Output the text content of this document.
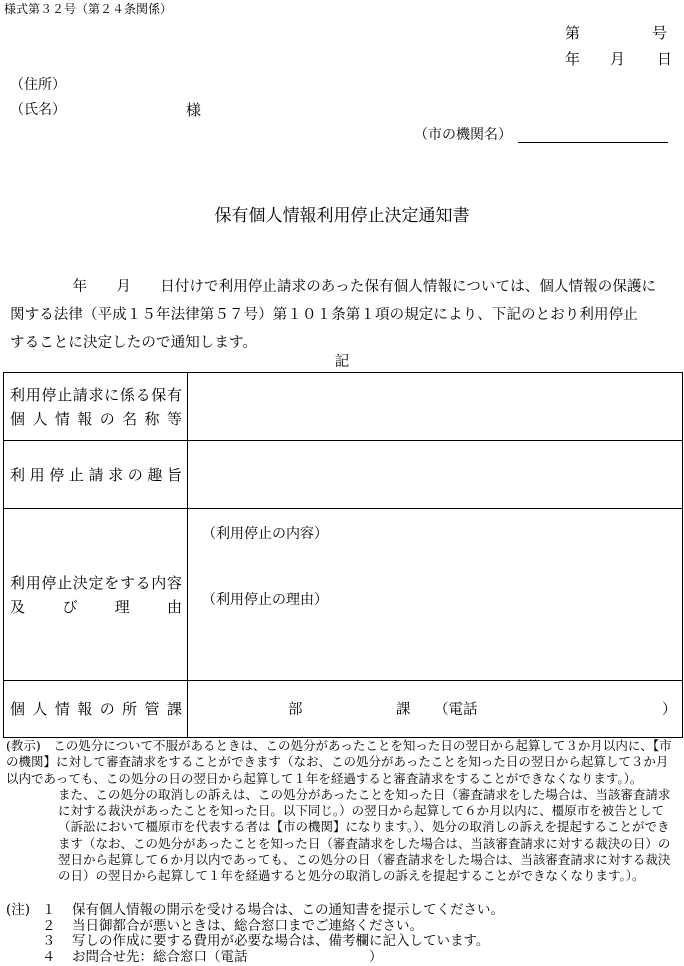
様式第３２号（第２４条関係）
第	号
年 月 日
（住所）
（氏名）	様
（市の機関名）
保有個人情報利用停止決定通知書
　年　　月　　日付けで利用停止請求のあった保有個人情報については、個人情報の保護に
関する法律（平成１５年法律第５７号）第１０１条第１項の規定により、下記のとおり利用停止
することに決定したので通知します。
記
利用停止請求に係る保有個人情報の名称等	

利用停止請求の趣旨	

利用停止決定をする内容及び理由	（利用停止の内容）
（利用停止の理由）

個人情報の所管課	部 課 （電話 ）

(教示)　この処分について不服があるときは、この処分があったことを知った日の翌日から起算して３か月以内に、【市の機関】に対して審査請求をすることができます（なお、この処分があったことを知った日の翌日から起算して３か月以内であっても、この処分の日の翌日から起算して１年を経過すると審査請求をすることができなくなります。）。

また、この処分の取消しの訴えは、この処分があったことを知った日（審査請求をした場合は、当該審査請求に対する裁決があったことを知った日。以下同じ。）の翌日から起算して６か月以内に、橿原市を被告として（訴訟において橿原市を代表する者は【市の機関】になります。）、処分の取消しの訴えを提起することができます（なお、この処分があったことを知った日（審査請求をした場合は、当該審査請求に対する裁決の日）の翌日から起算して６か月以内であっても、この処分の日（審査請求をした場合は、当該審査請求に対する裁決の日）の翌日から起算して１年を経過すると処分の取消しの訴えを提起することができなくなります。）。

(注) １ 保有個人情報の開示を受ける場合は、この通知書を提示してください。
２ 当日御都合が悪いときは、総合窓口までご連絡ください。
３ 写しの作成に要する費用が必要な場合は、備考欄に記入しています。
４ お問合せ先：総合窓口（電話　　　　　　　　　）
